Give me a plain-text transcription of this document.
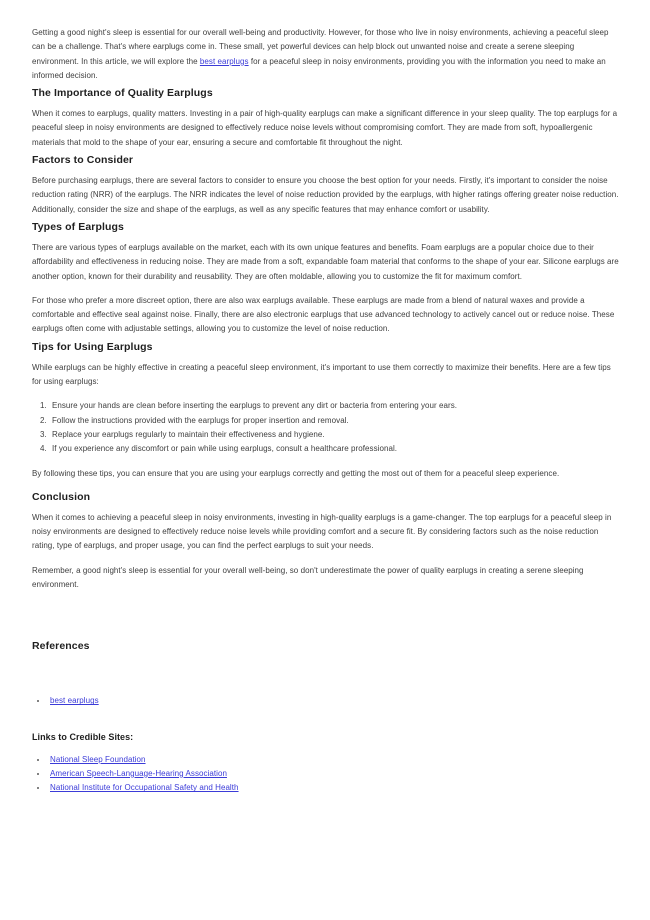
Getting a good night's sleep is essential for our overall well-being and productivity. However, for those who live in noisy environments, achieving a peaceful sleep can be a challenge. That's where earplugs come in. These small, yet powerful devices can help block out unwanted noise and create a serene sleeping environment. In this article, we will explore the best earplugs for a peaceful sleep in noisy environments, providing you with the information you need to make an informed decision.

The Importance of Quality Earplugs

When it comes to earplugs, quality matters. Investing in a pair of high-quality earplugs can make a significant difference in your sleep quality. The top earplugs for a peaceful sleep in noisy environments are designed to effectively reduce noise levels without compromising comfort. They are made from soft, hypoallergenic materials that mold to the shape of your ear, ensuring a secure and comfortable fit throughout the night.

Factors to Consider

Before purchasing earplugs, there are several factors to consider to ensure you choose the best option for your needs. Firstly, it's important to consider the noise reduction rating (NRR) of the earplugs. The NRR indicates the level of noise reduction provided by the earplugs, with higher ratings offering greater noise reduction. Additionally, consider the size and shape of the earplugs, as well as any specific features that may enhance comfort or usability.

Types of Earplugs

There are various types of earplugs available on the market, each with its own unique features and benefits. Foam earplugs are a popular choice due to their affordability and effectiveness in reducing noise. They are made from a soft, expandable foam material that conforms to the shape of your ear. Silicone earplugs are another option, known for their durability and reusability. They are often moldable, allowing you to customize the fit for maximum comfort.

For those who prefer a more discreet option, there are also wax earplugs available. These earplugs are made from a blend of natural waxes and provide a comfortable and effective seal against noise. Finally, there are also electronic earplugs that use advanced technology to actively cancel out or reduce noise. These earplugs often come with adjustable settings, allowing you to customize the level of noise reduction.

Tips for Using Earplugs

While earplugs can be highly effective in creating a peaceful sleep environment, it's important to use them correctly to maximize their benefits. Here are a few tips for using earplugs:

1. Ensure your hands are clean before inserting the earplugs to prevent any dirt or bacteria from entering your ears.
2. Follow the instructions provided with the earplugs for proper insertion and removal.
3. Replace your earplugs regularly to maintain their effectiveness and hygiene.
4. If you experience any discomfort or pain while using earplugs, consult a healthcare professional.

By following these tips, you can ensure that you are using your earplugs correctly and getting the most out of them for a peaceful sleep experience.

Conclusion

When it comes to achieving a peaceful sleep in noisy environments, investing in high-quality earplugs is a game-changer. The top earplugs for a peaceful sleep in noisy environments are designed to effectively reduce noise levels while providing comfort and a secure fit. By considering factors such as the noise reduction rating, type of earplugs, and proper usage, you can find the perfect earplugs to suit your needs.

Remember, a good night's sleep is essential for your overall well-being, so don't underestimate the power of quality earplugs in creating a serene sleeping environment.

References
• best earplugs
Links to Credible Sites:
• National Sleep Foundation
• American Speech-Language-Hearing Association
• National Institute for Occupational Safety and Health
